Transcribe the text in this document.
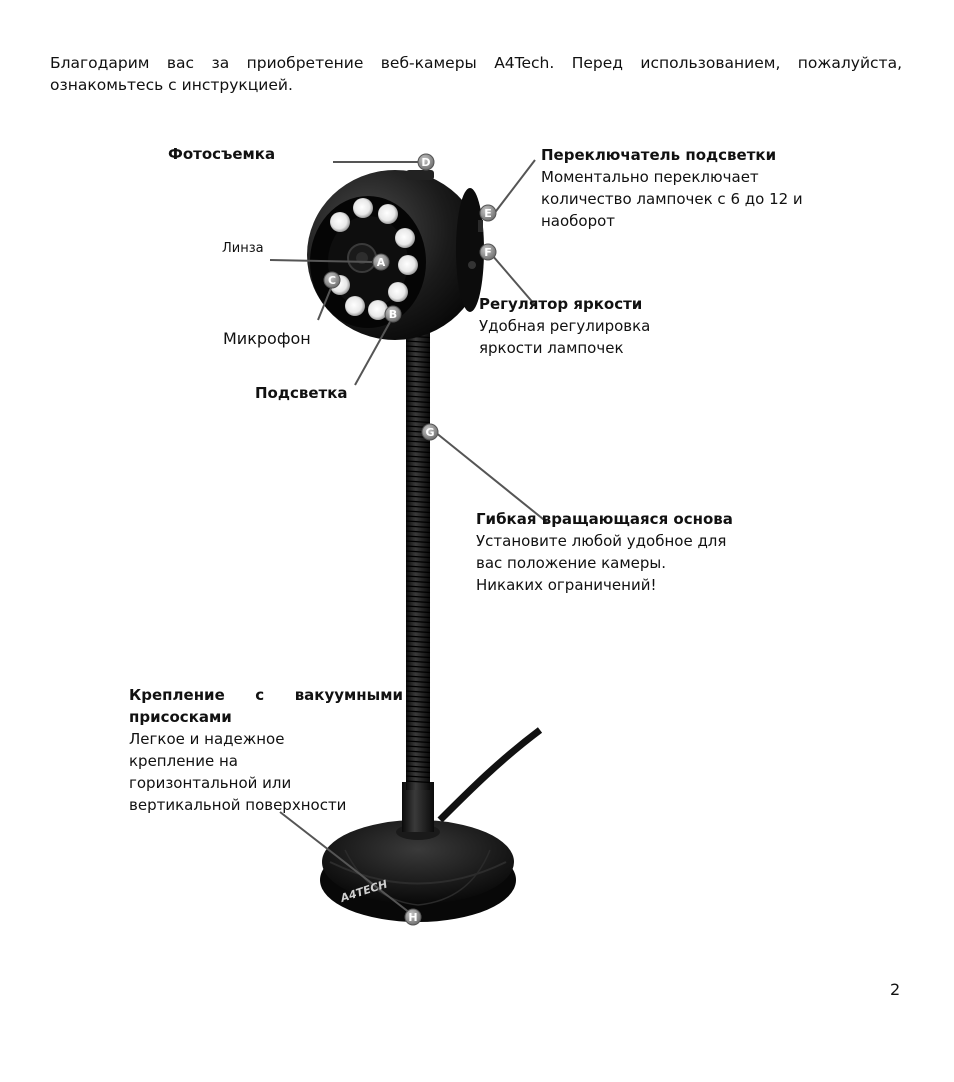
Благодарим вас за приобретение веб-камеры A4Tech. Перед использованием, пожалуйста, ознакомьтесь с инструкцией.
A4TECH
A
B
C
D
E
F
G
H
Фотосъемка
Линза
Микрофон
Подсветка
Переключатель подсветки
Моментально переключает
количество лампочек с 6 до 12 и
наоборот
Регулятор яркости
Удобная регулировка
яркости лампочек
Гибкая вращающаяся основа
Установите любой удобное для
вас положение камеры.
Никаких ограничений!
Крепление с вакуумными
присосками
Легкое и надежное
крепление на
горизонтальной или
вертикальной поверхности
2
